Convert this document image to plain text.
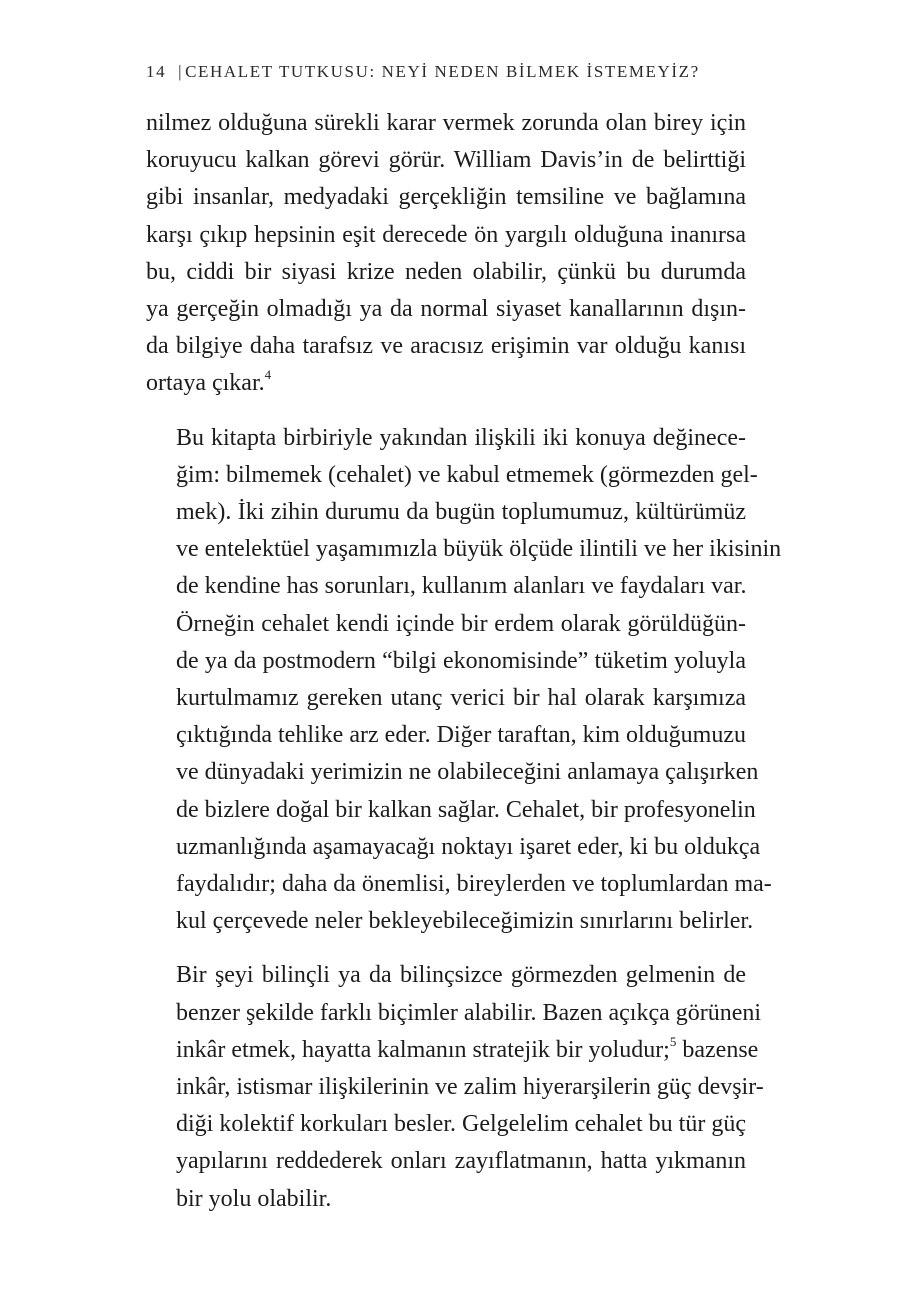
14 | CEHALET TUTKUSU: NEYİ NEDEN BİLMEK İSTEMEYİZ?

nilmez olduğuna sürekli karar vermek zorunda olan birey için
koruyucu kalkan görevi görür. William Davis’in de belirttiği
gibi insanlar, medyadaki gerçekliğin temsiline ve bağlamına
karşı çıkıp hepsinin eşit derecede ön yargılı olduğuna inanırsa
bu, ciddi bir siyasi krize neden olabilir, çünkü bu durumda
ya gerçeğin olmadığı ya da normal siyaset kanallarının dışın-
da bilgiye daha tarafsız ve aracısız erişimin var olduğu kanısı
ortaya çıkar.$^4$

Bu kitapta birbiriyle yakından ilişkili iki konuya değinece-
ğim: bilmemek (cehalet) ve kabul etmemek (görmezden gel-
mek). İki zihin durumu da bugün toplumumuz, kültürümüz
ve entelektüel yaşamımızla büyük ölçüde ilintili ve her ikisinin
de kendine has sorunları, kullanım alanları ve faydaları var.
Örneğin cehalet kendi içinde bir erdem olarak görüldüğün-
de ya da postmodern “bilgi ekonomisinde” tüketim yoluyla
kurtulmamız gereken utanç verici bir hal olarak karşımıza
çıktığında tehlike arz eder. Diğer taraftan, kim olduğumuzu
ve dünyadaki yerimizin ne olabileceğini anlamaya çalışırken
de bizlere doğal bir kalkan sağlar. Cehalet, bir profesyonelin
uzmanlığında aşamayacağı noktayı işaret eder, ki bu oldukça
faydalıdır; daha da önemlisi, bireylerden ve toplumlardan ma-
kul çerçevede neler bekleyebileceğimizin sınırlarını belirler.

Bir şeyi bilinçli ya da bilinçsizce görmezden gelmenin de
benzer şekilde farklı biçimler alabilir. Bazen açıkça görüneni
inkâr etmek, hayatta kalmanın stratejik bir yoludur;$^5$ bazense
inkâr, istismar ilişkilerinin ve zalim hiyerarşilerin güç devşir-
diği kolektif korkuları besler. Gelgelelim cehalet bu tür güç
yapılarını reddederek onları zayıflatmanın, hatta yıkmanın
bir yolu olabilir.
